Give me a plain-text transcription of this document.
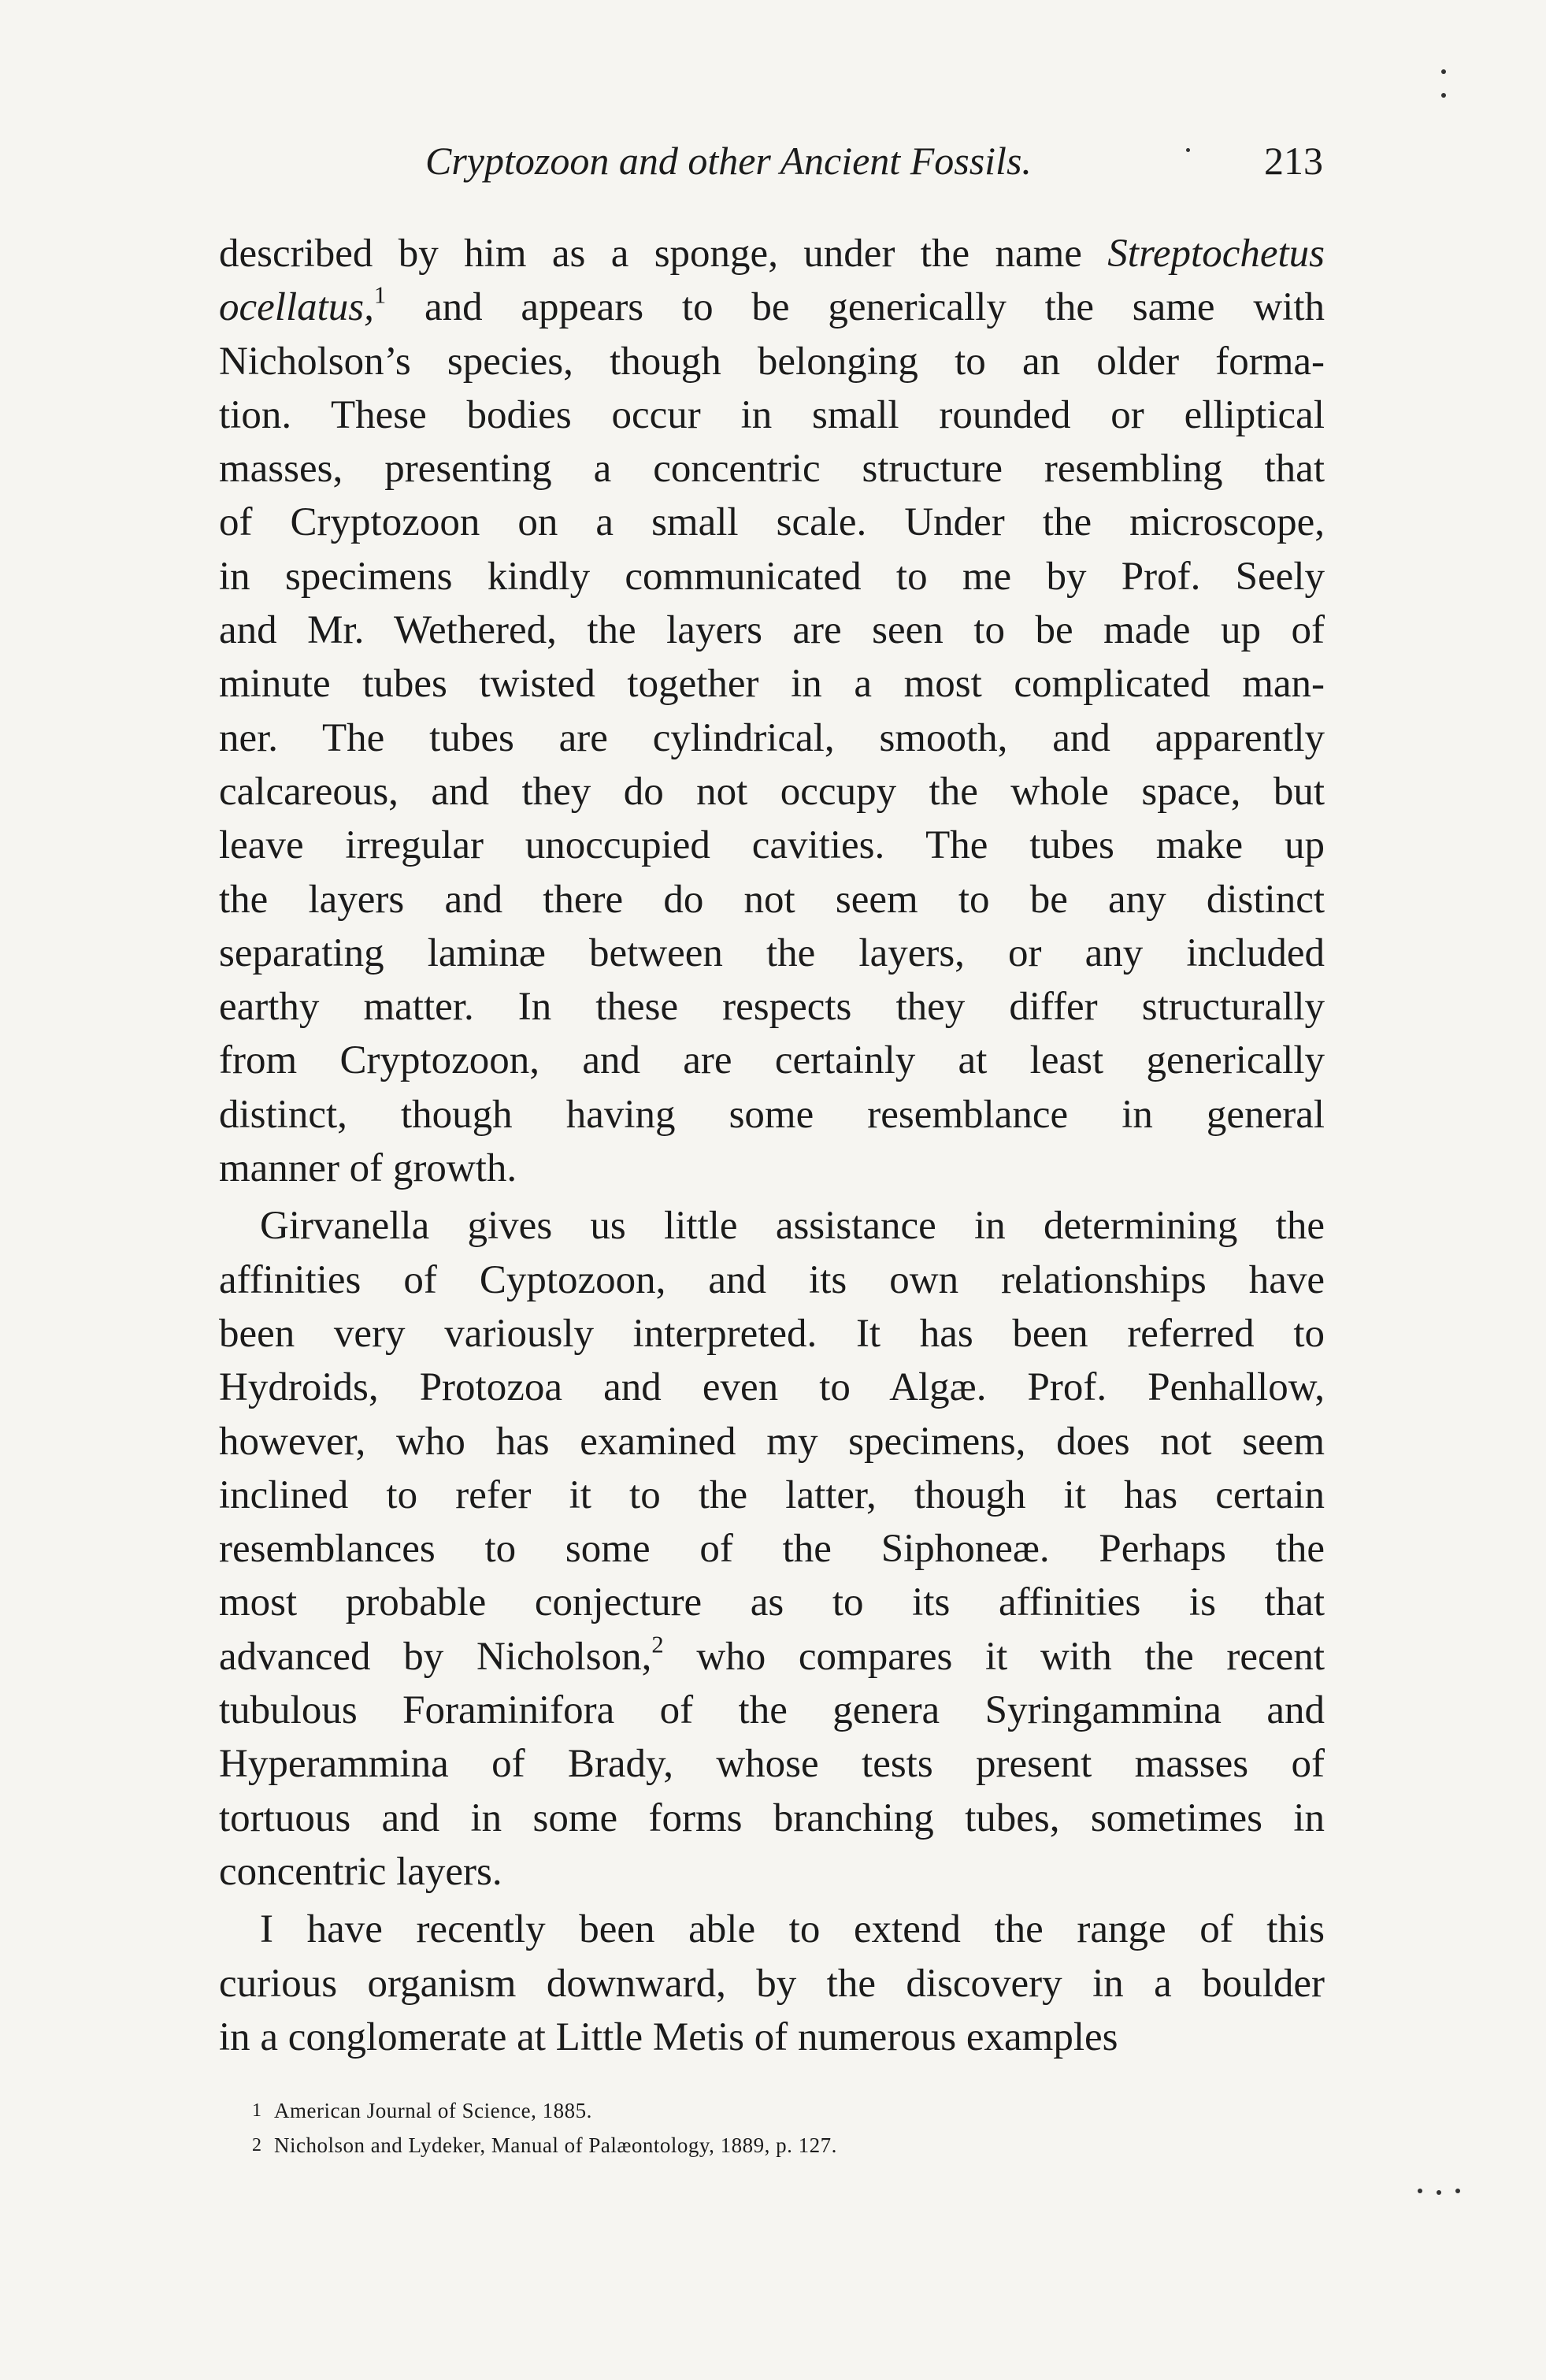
Cryptozoon and other Ancient Fossils.	213
described by him as a sponge, under the name Streptochetus
ocellatus,$^1$ and appears to be generically the same with
Nicholson’s species, though belonging to an older forma-
tion. These bodies occur in small rounded or elliptical
masses, presenting a concentric structure resembling that
of Cryptozoon on a small scale. Under the microscope,
in specimens kindly communicated to me by Prof. Seely
and Mr. Wethered, the layers are seen to be made up of
minute tubes twisted together in a most complicated man-
ner. The tubes are cylindrical, smooth, and apparently
calcareous, and they do not occupy the whole space, but
leave irregular unoccupied cavities. The tubes make up
the layers and there do not seem to be any distinct
separating laminæ between the layers, or any included
earthy matter. In these respects they differ structurally
from Cryptozoon, and are certainly at least generically
distinct, though having some resemblance in general
manner of growth.
Girvanella gives us little assistance in determining the
affinities of Cyptozoon, and its own relationships have
been very variously interpreted. It has been referred to
Hydroids, Protozoa and even to Algæ. Prof. Penhallow,
however, who has examined my specimens, does not seem
inclined to refer it to the latter, though it has certain
resemblances to some of the Siphoneæ. Perhaps the
most probable conjecture as to its affinities is that
advanced by Nicholson,$^2$ who compares it with the recent
tubulous Foraminifora of the genera Syringammina and
Hyperammina of Brady, whose tests present masses of
tortuous and in some forms branching tubes, sometimes in
concentric layers.
I have recently been able to extend the range of this
curious organism downward, by the discovery in a boulder
in a conglomerate at Little Metis of numerous examples
1 American Journal of Science, 1885.
2 Nicholson and Lydeker, Manual of Palæontology, 1889, p. 127.
